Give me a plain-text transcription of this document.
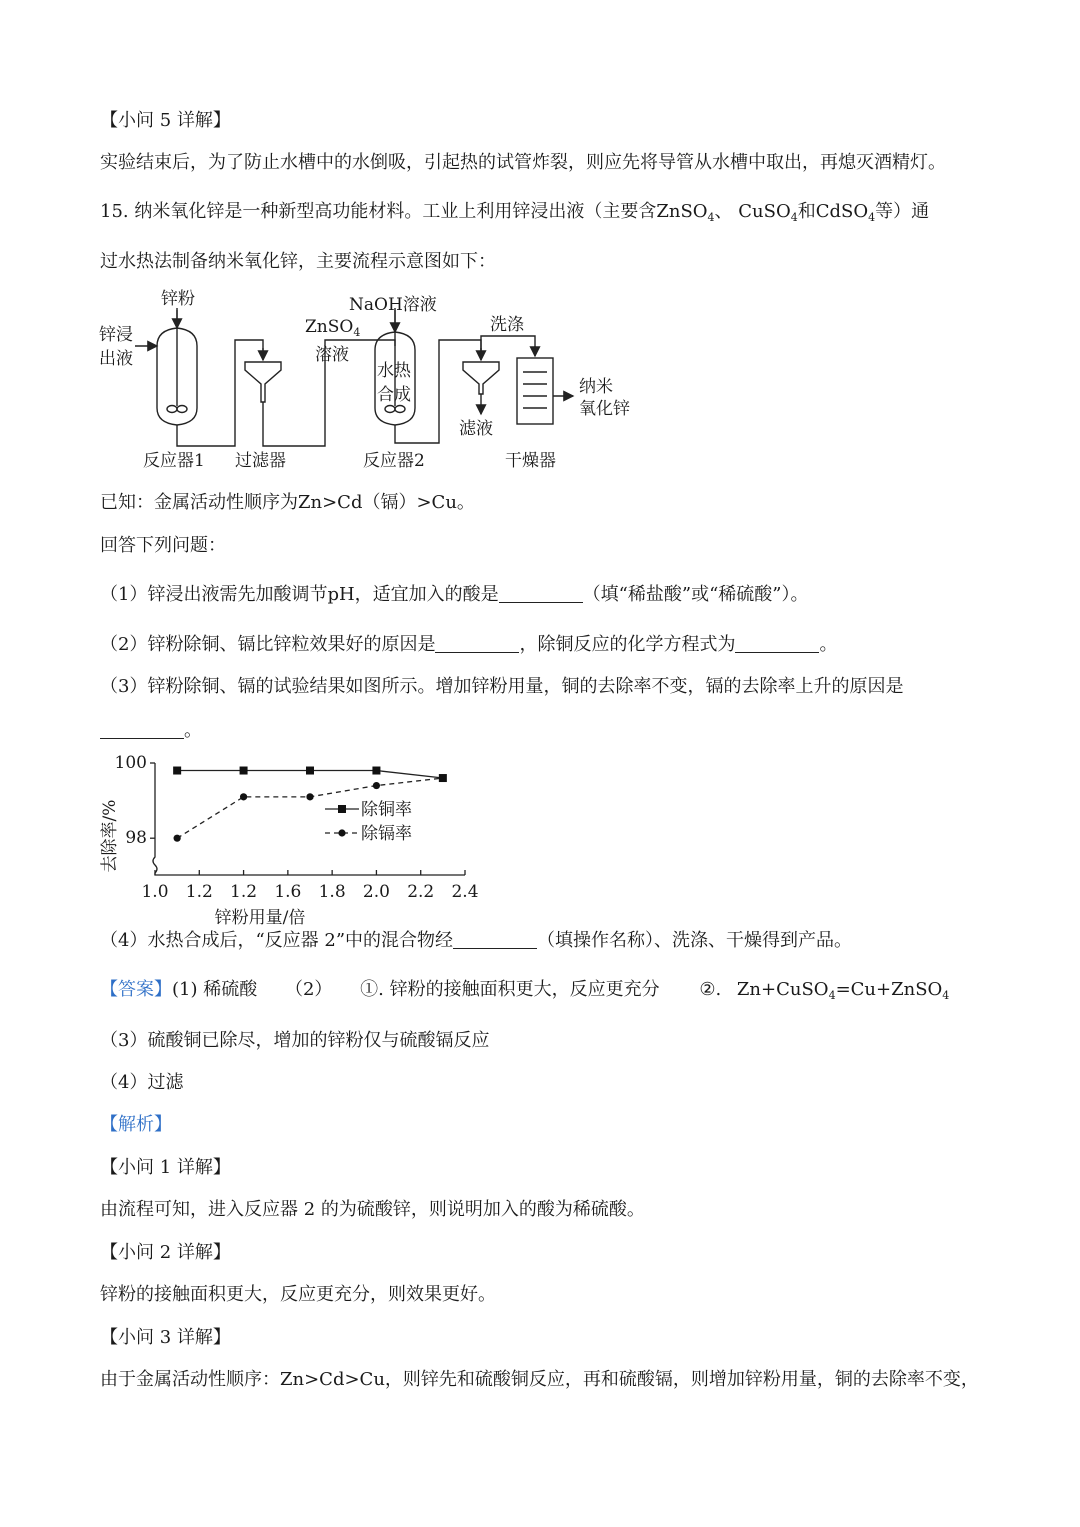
【小问 5 详解】
实验结束后，为了防止水槽中的水倒吸，引起热的试管炸裂，则应先将导管从水槽中取出，再熄灭酒精灯。
15. 纳米氧化锌是一种新型高功能材料。工业上利用锌浸出液（主要含ZnSO$_4$、 CuSO$_4$和CdSO$_4$等）通
过水热法制备纳米氧化锌，主要流程示意图如下：
锌粉
锌浸
出液
ZnSO$_4$
溶液
NaOH溶液
洗涤
水热
合成
滤液
纳米
氧化锌
反应器1 过滤器	反应器2	干燥器
已知：金属活动性顺序为Zn>Cd（镉）>Cu。
回答下列问题：
（1）锌浸出液需先加酸调节pH，适宜加入的酸是	（填“稀盐酸”或“稀硫酸”）。
（2）锌粉除铜、镉比锌粒效果好的原因是	，除铜反应的化学方程式为	。
（3）锌粉除铜、镉的试验结果如图所示。增加锌粉用量，铜的去除率不变，镉的去除率上升的原因是
。
100
98
1.0 1.2 1.2 1.6 1.8 2.0 2.2 2.4
锌粉用量/倍
去除率/%	除铜率
除镉率
（4）水热合成后，“反应器 2”中的混合物经	（填操作名称）、洗涤、干燥得到产品。
【答案】(1) 稀硫酸 （2） ①. 锌粉的接触面积更大，反应更充分 ②. Zn+CuSO$_4$=Cu+ZnSO$_4$
（3）硫酸铜已除尽，增加的锌粉仅与硫酸镉反应
（4）过滤
【解析】
【小问 1 详解】
由流程可知，进入反应器 2 的为硫酸锌，则说明加入的酸为稀硫酸。
【小问 2 详解】
锌粉的接触面积更大，反应更充分，则效果更好。
【小问 3 详解】
由于金属活动性顺序：Zn>Cd>Cu，则锌先和硫酸铜反应，再和硫酸镉，则增加锌粉用量，铜的去除率不变，
